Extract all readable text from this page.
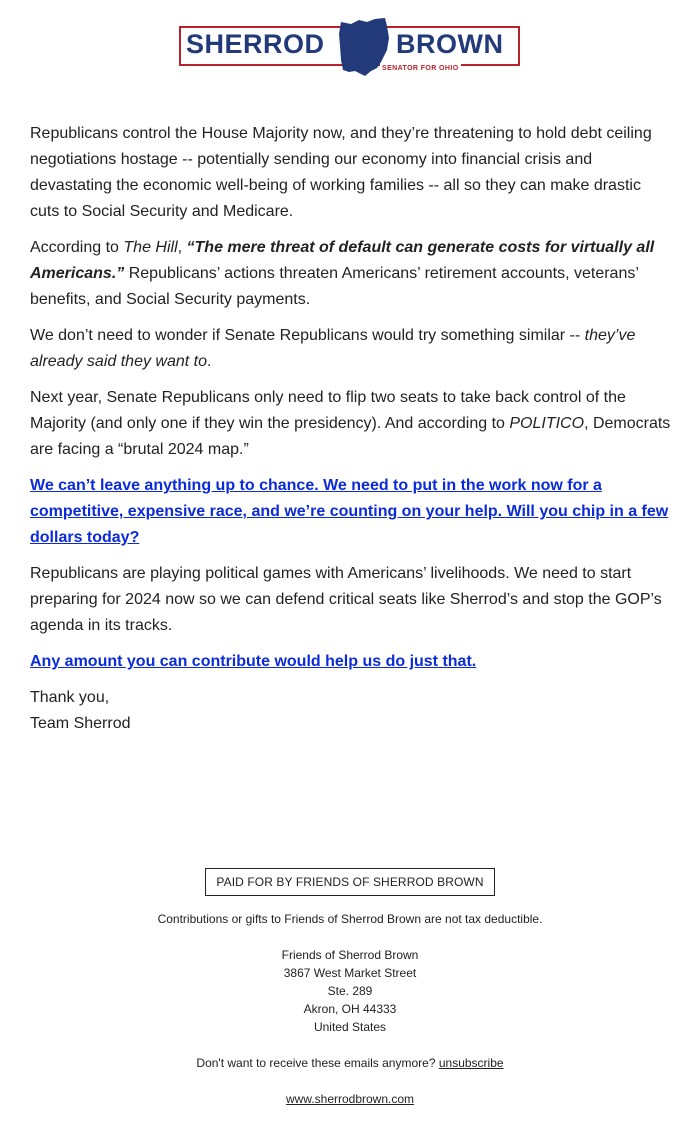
SHERROD	BROWN
SENATOR FOR OHIO

Republicans control the House Majority now, and they’re threatening to hold debt ceiling negotiations hostage -- potentially sending our economy into financial crisis and devastating the economic well-being of working families -- all so they can make drastic cuts to Social Security and Medicare.

According to The Hill, “The mere threat of default can generate costs for virtually all Americans.” Republicans’ actions threaten Americans’ retirement accounts, veterans’ benefits, and Social Security payments.

We don’t need to wonder if Senate Republicans would try something similar -- they’ve already said they want to.

Next year, Senate Republicans only need to flip two seats to take back control of the Majority (and only one if they win the presidency). And according to POLITICO, Democrats are facing a “brutal 2024 map.”

We can’t leave anything up to chance. We need to put in the work now for a competitive, expensive race, and we’re counting on your help. Will you chip in a few dollars today?

Republicans are playing political games with Americans’ livelihoods. We need to start preparing for 2024 now so we can defend critical seats like Sherrod’s and stop the GOP’s agenda in its tracks.

Any amount you can contribute would help us do just that.

Thank you,
Team Sherrod

PAID FOR BY FRIENDS OF SHERROD BROWN
Contributions or gifts to Friends of Sherrod Brown are not tax deductible.
Friends of Sherrod Brown
3867 West Market Street
Ste. 289
Akron, OH 44333
United States
Don't want to receive these emails anymore? unsubscribe
www.sherrodbrown.com
